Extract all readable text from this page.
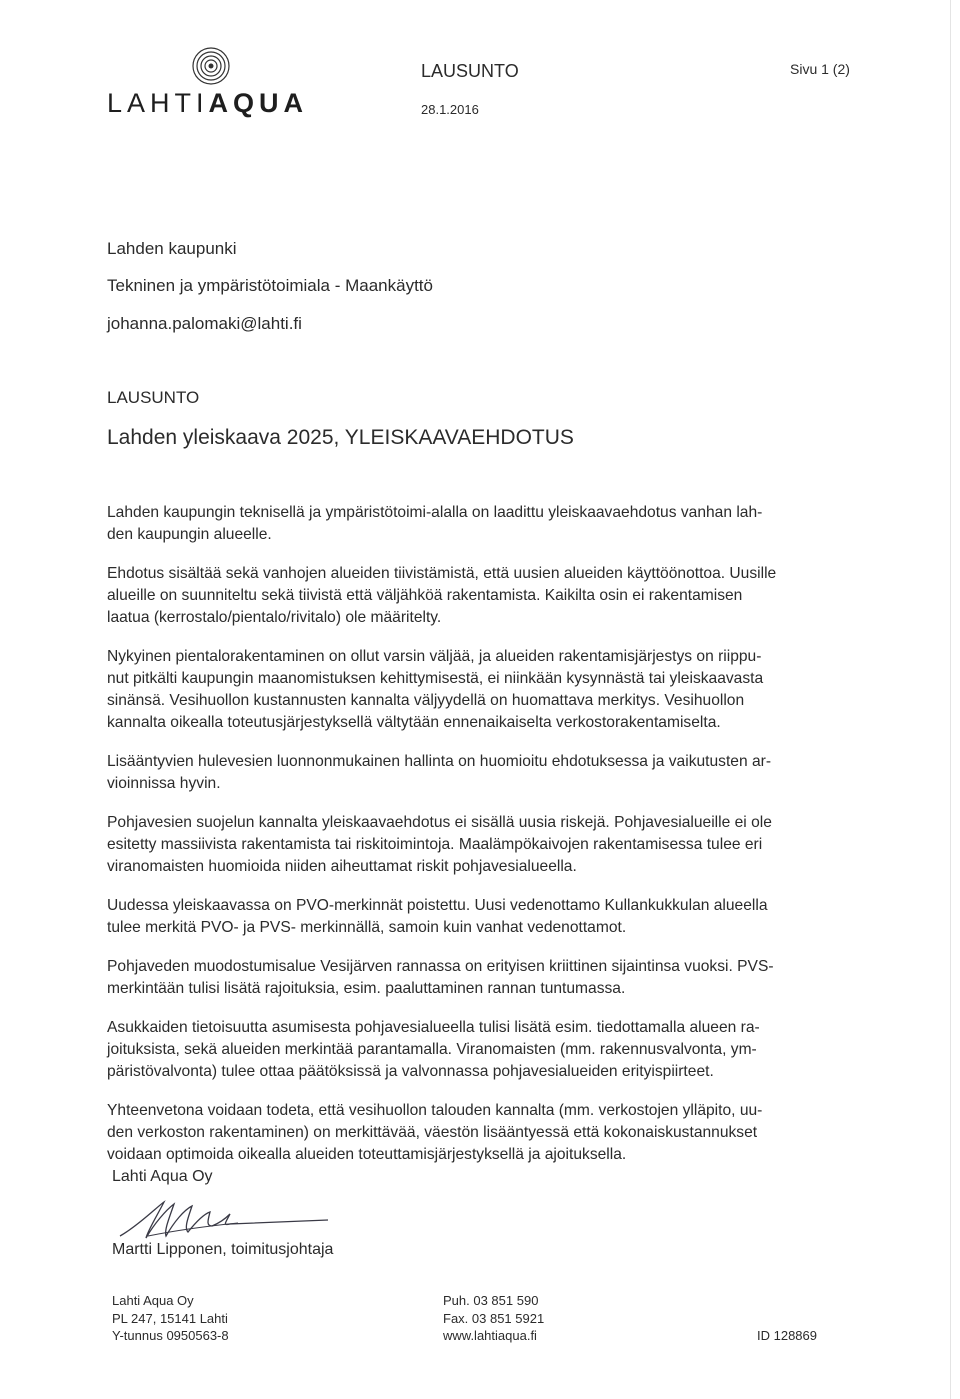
LAHTIAQUA
LAUSUNTO
28.1.2016
Sivu 1 (2)
Lahden kaupunki
Tekninen ja ympäristötoimiala - Maankäyttö
johanna.palomaki@lahti.fi
LAUSUNTO
Lahden yleiskaava 2025, YLEISKAAVAEHDOTUS

Lahden kaupungin teknisellä ja ympäristötoimi-alalla on laadittu yleiskaavaehdotus vanhan lah-
den kaupungin alueelle.

Ehdotus sisältää sekä vanhojen alueiden tiivistämistä, että uusien alueiden käyttöönottoa. Uusille
alueille on suunniteltu sekä tiivistä että väljähköä rakentamista. Kaikilta osin ei rakentamisen
laatua (kerrostalo/pientalo/rivitalo) ole määritelty.

Nykyinen pientalorakentaminen on ollut varsin väljää, ja alueiden rakentamisjärjestys on riippu-
nut pitkälti kaupungin maanomistuksen kehittymisestä, ei niinkään kysynnästä tai yleiskaavasta
sinänsä. Vesihuollon kustannusten kannalta väljyydellä on huomattava merkitys. Vesihuollon
kannalta oikealla toteutusjärjestyksellä vältytään ennenaikaiselta verkostorakentamiselta.

Lisääntyvien hulevesien luonnonmukainen hallinta on huomioitu ehdotuksessa ja vaikutusten ar-
vioinnissa hyvin.

Pohjavesien suojelun kannalta yleiskaavaehdotus ei sisällä uusia riskejä. Pohjavesialueille ei ole
esitetty massiivista rakentamista tai riskitoimintoja. Maalämpökaivojen rakentamisessa tulee eri
viranomaisten huomioida niiden aiheuttamat riskit pohjavesialueella.

Uudessa yleiskaavassa on PVO-merkinnät poistettu. Uusi vedenottamo Kullankukkulan alueella
tulee merkitä PVO- ja PVS- merkinnällä, samoin kuin vanhat vedenottamot.

Pohjaveden muodostumisalue Vesijärven rannassa on erityisen kriittinen sijaintinsa vuoksi. PVS-
merkintään tulisi lisätä rajoituksia, esim. paaluttaminen rannan tuntumassa.

Asukkaiden tietoisuutta asumisesta pohjavesialueella tulisi lisätä esim. tiedottamalla alueen ra-
joituksista, sekä alueiden merkintää parantamalla. Viranomaisten (mm. rakennusvalvonta, ym-
päristövalvonta) tulee ottaa päätöksissä ja valvonnassa pohjavesialueiden erityispiirteet.

Yhteenvetona voidaan todeta, että vesihuollon talouden kannalta (mm. verkostojen ylläpito, uu-
den verkoston rakentaminen) on merkittävää, väestön lisääntyessä että kokonaiskustannukset
voidaan optimoida oikealla alueiden toteuttamisjärjestyksellä ja ajoituksella.

Lahti Aqua Oy
Martti Lipponen, toimitusjohtaja
Lahti Aqua Oy
PL 247, 15141 Lahti
Y-tunnus 0950563-8
Puh. 03 851 590
Fax. 03 851 5921
www.lahtiaqua.fi	ID 128869
